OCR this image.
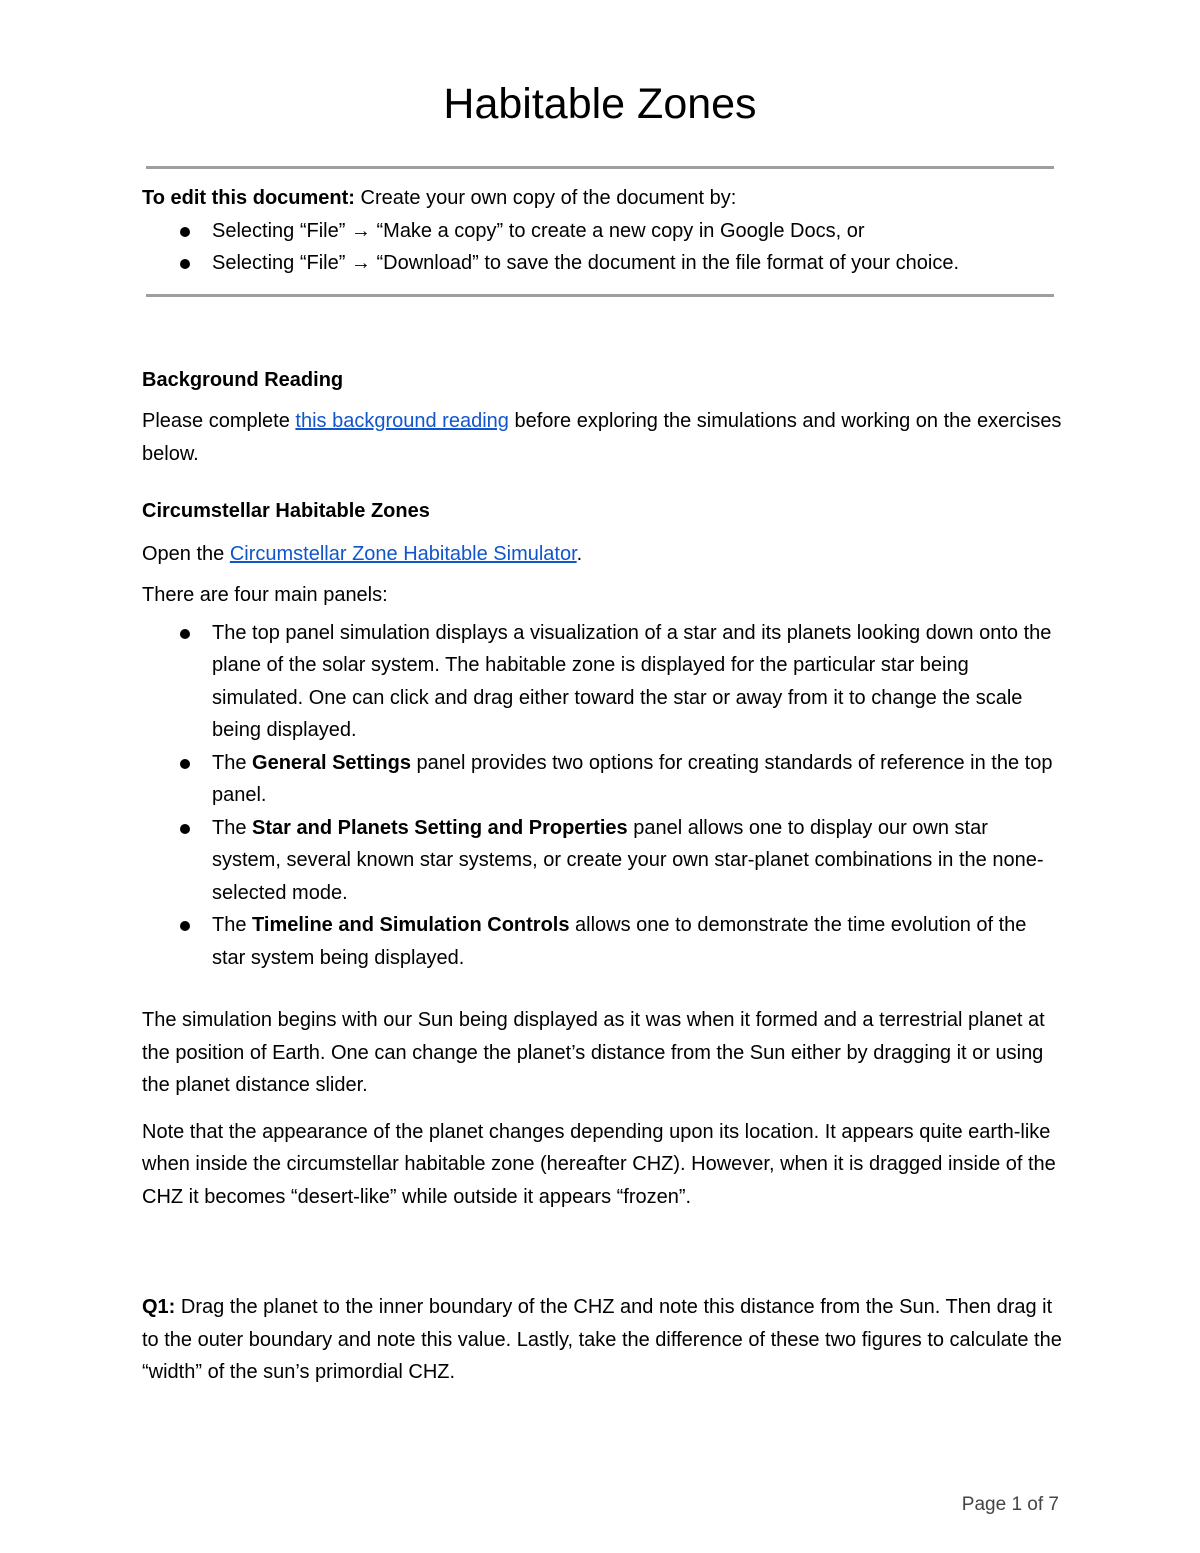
Habitable Zones

To edit this document: Create your own copy of the document by:

Selecting “File” → “Make a copy” to create a new copy in Google Docs, or
Selecting “File” → “Download” to save the document in the file format of your choice.

Background Reading

Please complete this background reading before exploring the simulations and working on the exercises below.

Circumstellar Habitable Zones

Open the Circumstellar Zone Habitable Simulator.

There are four main panels:

The top panel simulation displays a visualization of a star and its planets looking down onto the plane of the solar system. The habitable zone is displayed for the particular star being simulated. One can click and drag either toward the star or away from it to change the scale being displayed.
The General Settings panel provides two options for creating standards of reference in the top panel.
The Star and Planets Setting and Properties panel allows one to display our own star system, several known star systems, or create your own star-planet combinations in the none-selected mode.
The Timeline and Simulation Controls allows one to demonstrate the time evolution of the star system being displayed.

The simulation begins with our Sun being displayed as it was when it formed and a terrestrial planet at the position of Earth. One can change the planet’s distance from the Sun either by dragging it or using the planet distance slider.

Note that the appearance of the planet changes depending upon its location. It appears quite earth-like when inside the circumstellar habitable zone (hereafter CHZ). However, when it is dragged inside of the CHZ it becomes “desert-like” while outside it appears “frozen”.

Q1: Drag the planet to the inner boundary of the CHZ and note this distance from the Sun. Then drag it to the outer boundary and note this value. Lastly, take the difference of these two figures to calculate the “width” of the sun’s primordial CHZ.

Page 1 of 7
